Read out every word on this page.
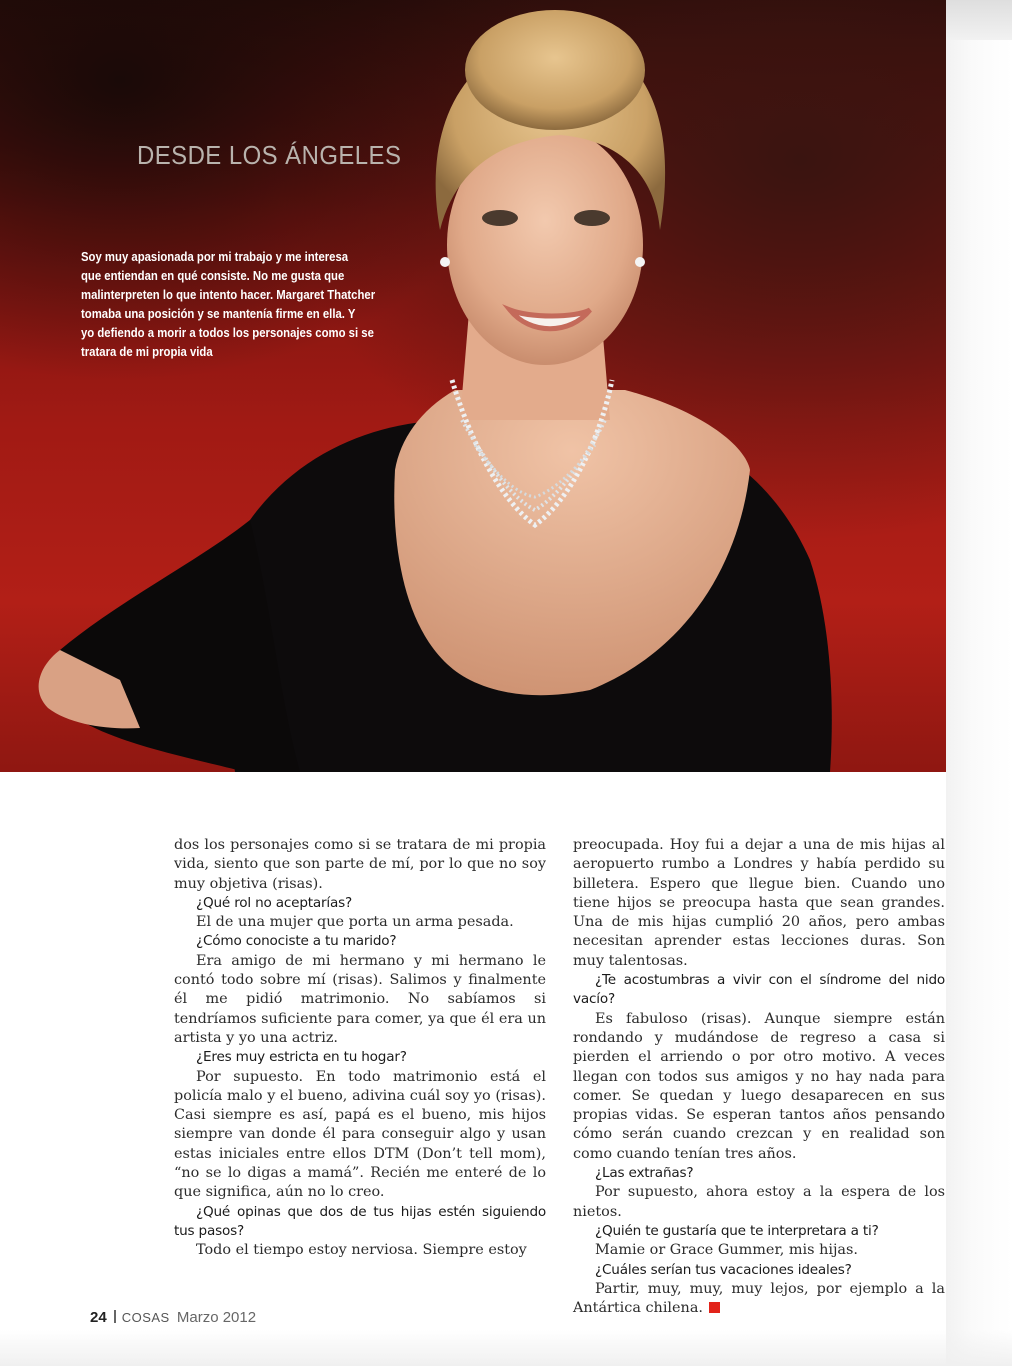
DESDE LOS ÁNGELES

Soy muy apasionada por mi trabajo y me interesa
que entiendan en qué consiste. No me gusta que
malinterpreten lo que intento hacer. Margaret Thatcher
tomaba una posición y se mantenía firme en ella. Y
yo defiendo a morir a todos los personajes como si se
tratara de mi propia vida

dos los personajes como si se tratara de mi propia vida, siento que son parte de mí, por lo que no soy muy objetiva (risas).

¿Qué rol no aceptarías?

El de una mujer que porta un arma pesada.

¿Cómo conociste a tu marido?

Era amigo de mi hermano y mi hermano le contó todo sobre mí (risas). Salimos y finalmente él me pidió matrimonio. No sabíamos si tendríamos suficiente para comer, ya que él era un artista y yo una actriz.

¿Eres muy estricta en tu hogar?

Por supuesto. En todo matrimonio está el policía malo y el bueno, adivina cuál soy yo (risas). Casi siempre es así, papá es el bueno, mis hijos siempre van donde él para conseguir algo y usan estas iniciales entre ellos DTM (Don’t tell mom), “no se lo digas a mamá”. Recién me enteré de lo que significa, aún no lo creo.

¿Qué opinas que dos de tus hijas estén siguiendo tus pasos?

Todo el tiempo estoy nerviosa. Siempre estoy

preocupada. Hoy fui a dejar a una de mis hijas al aeropuerto rumbo a Londres y había perdido su billetera. Espero que llegue bien. Cuando uno tiene hijos se preocupa hasta que sean grandes. Una de mis hijas cumplió 20 años, pero ambas necesitan aprender estas lecciones duras. Son muy talentosas.

¿Te acostumbras a vivir con el síndrome del nido vacío?

Es fabuloso (risas). Aunque siempre están rondando y mudándose de regreso a casa si pierden el arriendo o por otro motivo. A veces llegan con todos sus amigos y no hay nada para comer. Se quedan y luego desaparecen en sus propias vidas. Se esperan tantos años pensando cómo serán cuando crezcan y en realidad son como cuando tenían tres años.

¿Las extrañas?

Por supuesto, ahora estoy a la espera de los nietos.

¿Quién te gustaría que te interpretara a ti?

Mamie or Grace Gummer, mis hijas.

¿Cuáles serían tus vacaciones ideales?

Partir, muy, muy, muy lejos, por ejemplo a la Antártica chilena.

24 COSAS Marzo 2012
